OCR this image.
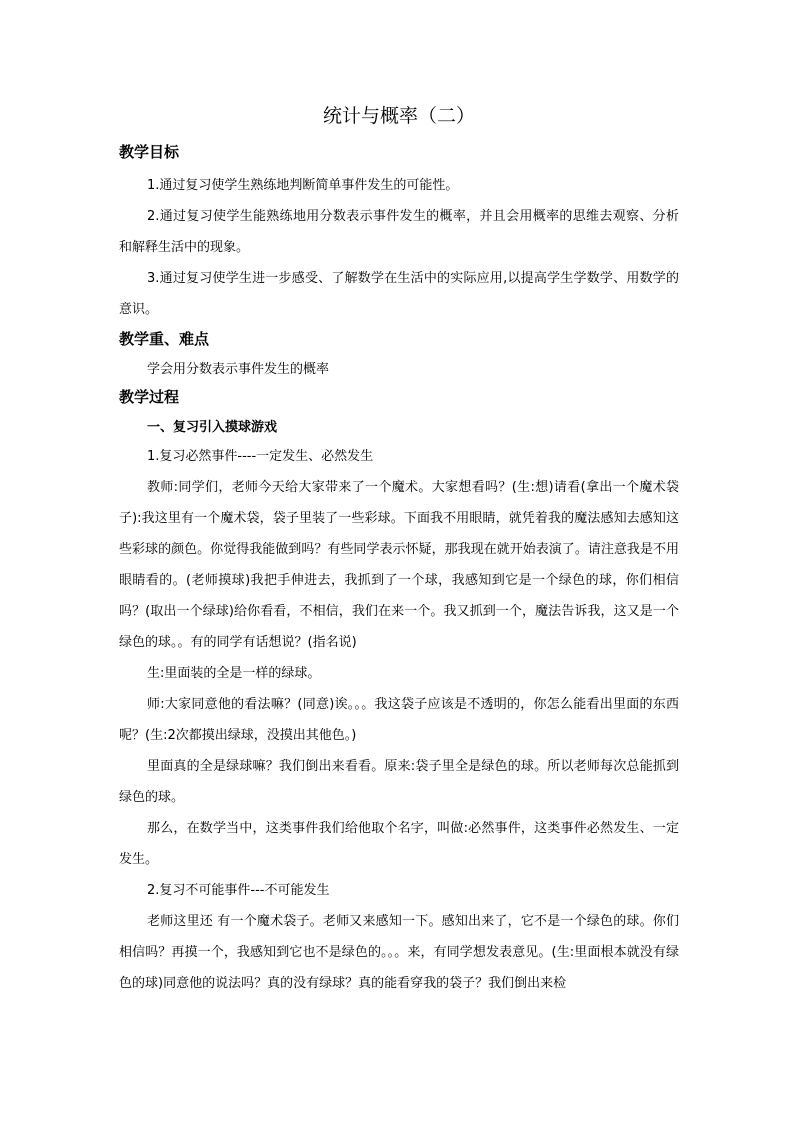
统计与概率（二）
教学目标

1.通过复习使学生熟练地判断简单事件发生的可能性。

2.通过复习使学生能熟练地用分数表示事件发生的概率，并且会用概率的思维去观察、分析和解释生活中的现象。

3.通过复习使学生进一步感受、了解数学在生活中的实际应用,以提高学生学数学、用数学的意识。

教学重、难点

学会用分数表示事件发生的概率

教学过程

一、复习引入摸球游戏

1.复习必然事件----一定发生、必然发生

教师:同学们，老师今天给大家带来了一个魔术。大家想看吗？(生:想)请看(拿出一个魔术袋子):我这里有一个魔术袋，袋子里装了一些彩球。下面我不用眼睛，就凭着我的魔法感知去感知这些彩球的颜色。你觉得我能做到吗？有些同学表示怀疑，那我现在就开始表演了。请注意我是不用眼睛看的。(老师摸球)我把手伸进去，我抓到了一个球，我感知到它是一个绿色的球，你们相信吗？(取出一个绿球)给你看看，不相信，我们在来一个。我又抓到一个，魔法告诉我，这又是一个绿色的球。。有的同学有话想说？(指名说)

生:里面装的全是一样的绿球。

师:大家同意他的看法嘛？(同意)诶。。。我这袋子应该是不透明的，你怎么能看出里面的东西呢？(生:2次都摸出绿球，没摸出其他色。)

里面真的全是绿球嘛？我们倒出来看看。原来:袋子里全是绿色的球。所以老师每次总能抓到绿色的球。

那么，在数学当中，这类事件我们给他取个名字，叫做:必然事件，这类事件必然发生、一定发生。

2.复习不可能事件---不可能发生

老师这里还 有一个魔术袋子。老师又来感知一下。感知出来了，它不是一个绿色的球。你们相信吗？再摸一个，我感知到它也不是绿色的。。。来，有同学想发表意见。(生:里面根本就没有绿色的球)同意他的说法吗？真的没有绿球？真的能看穿我的袋子？我们倒出来检
